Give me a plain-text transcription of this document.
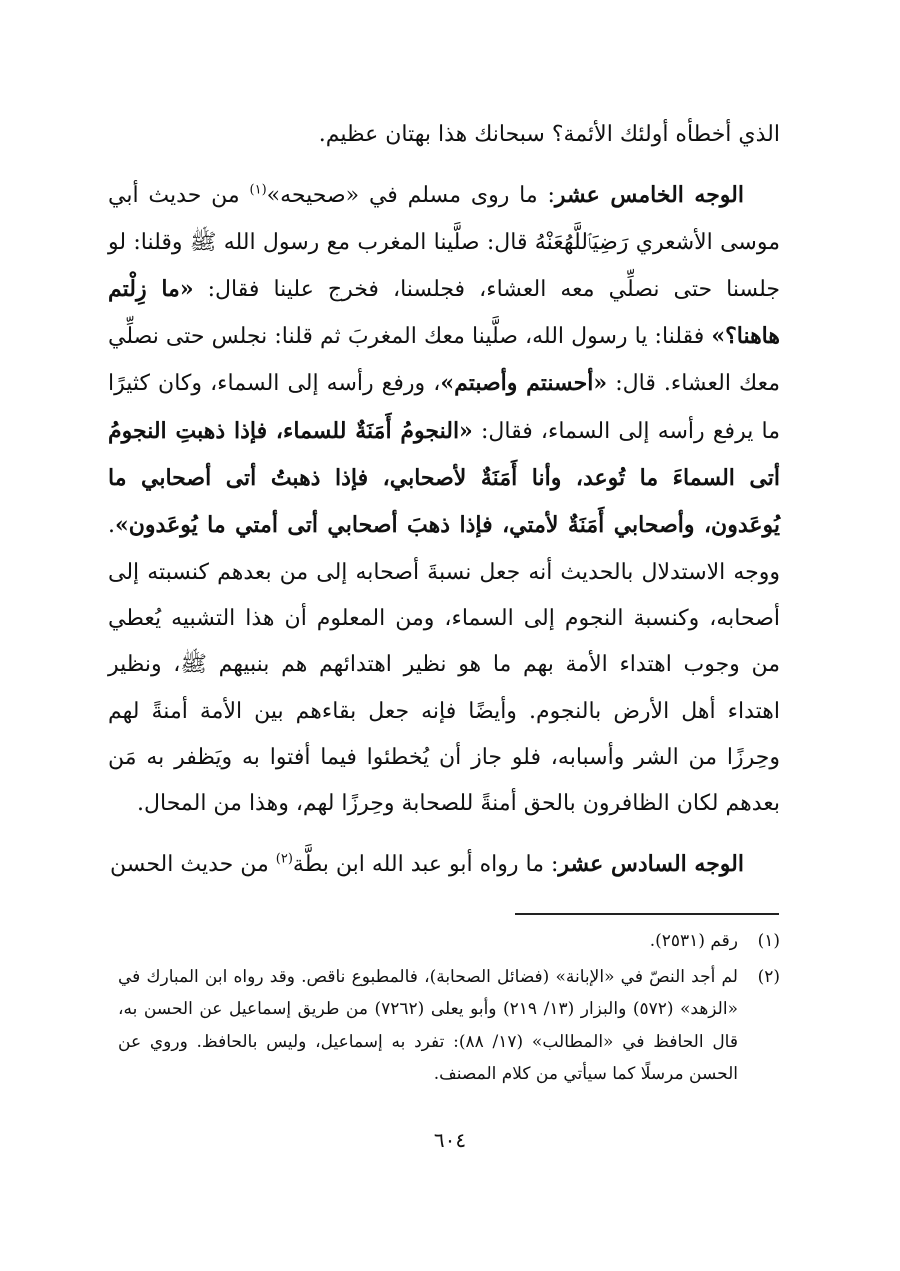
الذي أخطأه أولئك الأئمة؟ سبحانك هذا بهتان عظيم.

الوجه الخامس عشر: ما روى مسلم في «صحيحه»$^{(١)}$ من حديث أبي موسى الأشعري رَضِيَٱللَّهُعَنْهُ قال: صلَّينا المغرب مع رسول الله ﷺ وقلنا: لو جلسنا حتى نصلِّي معه العشاء، فجلسنا، فخرج علينا فقال: «ما زِلْتم هاهنا؟» فقلنا: يا رسول الله، صلَّينا معك المغربَ ثم قلنا: نجلس حتى نصلِّي معك العشاء. قال: «أحسنتم وأصبتم»، ورفع رأسه إلى السماء، وكان كثيرًا ما يرفع رأسه إلى السماء، فقال: «النجومُ أَمَنَةٌ للسماء، فإذا ذهبتِ النجومُ أتى السماءَ ما تُوعد، وأنا أَمَنَةٌ لأصحابي، فإذا ذهبتُ أتى أصحابي ما يُوعَدون، وأصحابي أَمَنَةٌ لأمتي، فإذا ذهبَ أصحابي أتى أمتي ما يُوعَدون». ووجه الاستدلال بالحديث أنه جعل نسبةَ أصحابه إلى من بعدهم كنسبته إلى أصحابه، وكنسبة النجوم إلى السماء، ومن المعلوم أن هذا التشبيه يُعطي من وجوب اهتداء الأمة بهم ما هو نظير اهتدائهم هم بنبيهم ﷺ، ونظير اهتداء أهل الأرض بالنجوم. وأيضًا فإنه جعل بقاءهم بين الأمة أمنةً لهم وحِرزًا من الشر وأسبابه، فلو جاز أن يُخطئوا فيما أفتوا به ويَظفر به مَن بعدهم لكان الظافرون بالحق أمنةً للصحابة وحِرزًا لهم، وهذا من المحال.

الوجه السادس عشر: ما رواه أبو عبد الله ابن بطَّة$^{(٢)}$ من حديث الحسن

(١)
رقم (٢٥٣١).
(٢)
لم أجد النصّ في «الإبانة» (فضائل الصحابة)، فالمطبوع ناقص. وقد رواه ابن المبارك في «الزهد» (٥٧٢) والبزار (١٣/ ٢١٩) وأبو يعلى (٧٢٦٢) من طريق إسماعيل عن الحسن به، قال الحافظ في «المطالب» (١٧/ ٨٨): تفرد به إسماعيل، وليس بالحافظ. وروي عن الحسن مرسلًا كما سيأتي من كلام المصنف.
٦٠٤
